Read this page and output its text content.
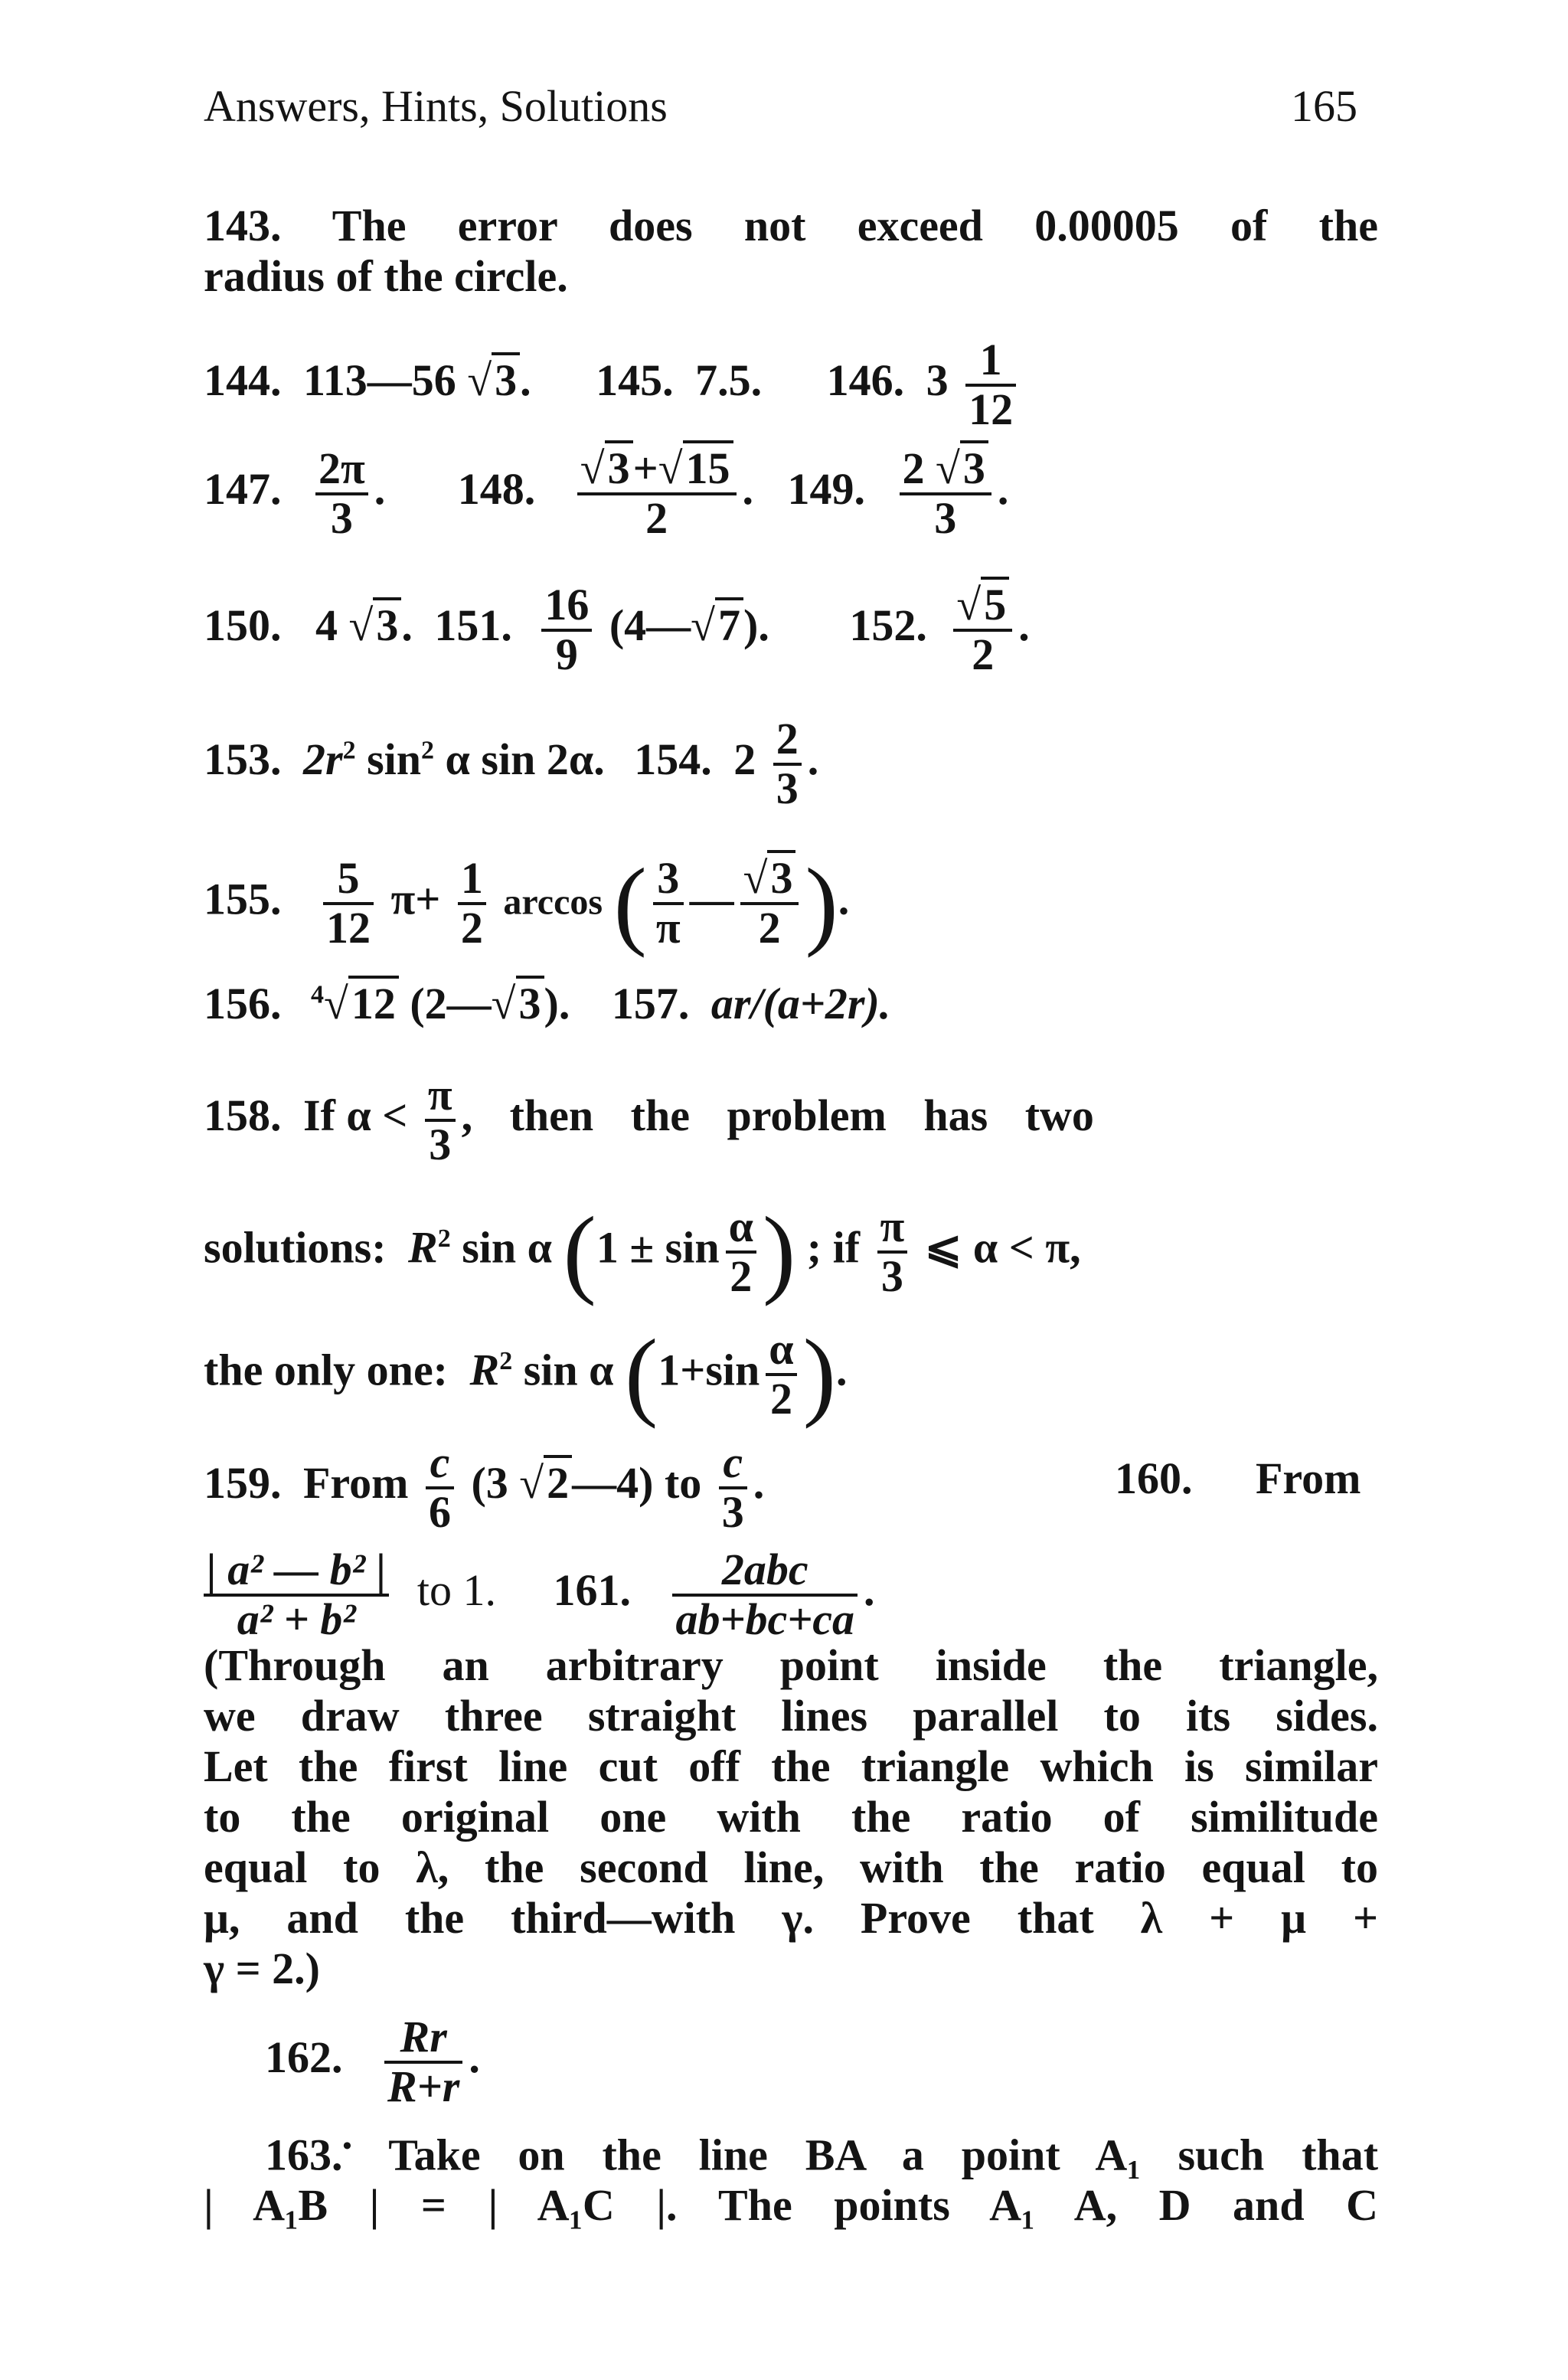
Answers, Hints, Solutions	165
143. The error does not exceed 0.00005 of the
radius of the circle.
144. 113—56 √3. 145. 7.5. 146. $3 \frac{1}{12}$
147. $\frac{2\pi}{3}$ . 148. $\frac{√3+√15}{2}$ . 149. $\frac{2 √3}{3}$ .
150. 4 √3. 151. $\frac{16}{9}$ (4—√7). 152. $\frac{√5}{2}$ .
153. $2r^2$ $\sin^2 \alpha$ sin 2α. 154. $2 \frac{2}{3}$ .
155. $\frac{5}{12} \pi+ \frac{1}{2}$ arccos ( $\frac{3}{\pi}$ — $\frac{√3}{2}$ ).
156. $^4$√12 (2—√3). 157. ar/(a+2r).
158. If $\alpha < \frac{\pi}{3}$ , then the problem has two
solutions: $R^2$ sin α ($1 \pm \sin \frac{\alpha}{2}$ ) ; if $\frac{\pi}{3}$ ⩽ α < π,
the only one: $R^2$ sin α ($1+\sin \frac{\alpha}{2}$ ).
159. From $\frac{c}{6} (3$ √2—4) to $\frac{c}{3}$ .	160. From
$\frac{\text{| a² — b² |}}{\text{a² + b²}}$ to 1. 161. $\frac{\text{2abc}}{ab+bc+ca}$ .
(Through an arbitrary point inside the triangle,
we draw three straight lines parallel to its sides.
Let the first line cut off the triangle which is similar
to the original one with the ratio of similitude
equal to λ, the second line, with the ratio equal to
μ, and the third—with γ. Prove that λ + μ +
γ = 2.)
162. $\frac{Rr}{R+r}$ .
163.• Take on the line BA a point A₁ such that
| A₁B | = | A₁C |. The points A₁ A, D and C
